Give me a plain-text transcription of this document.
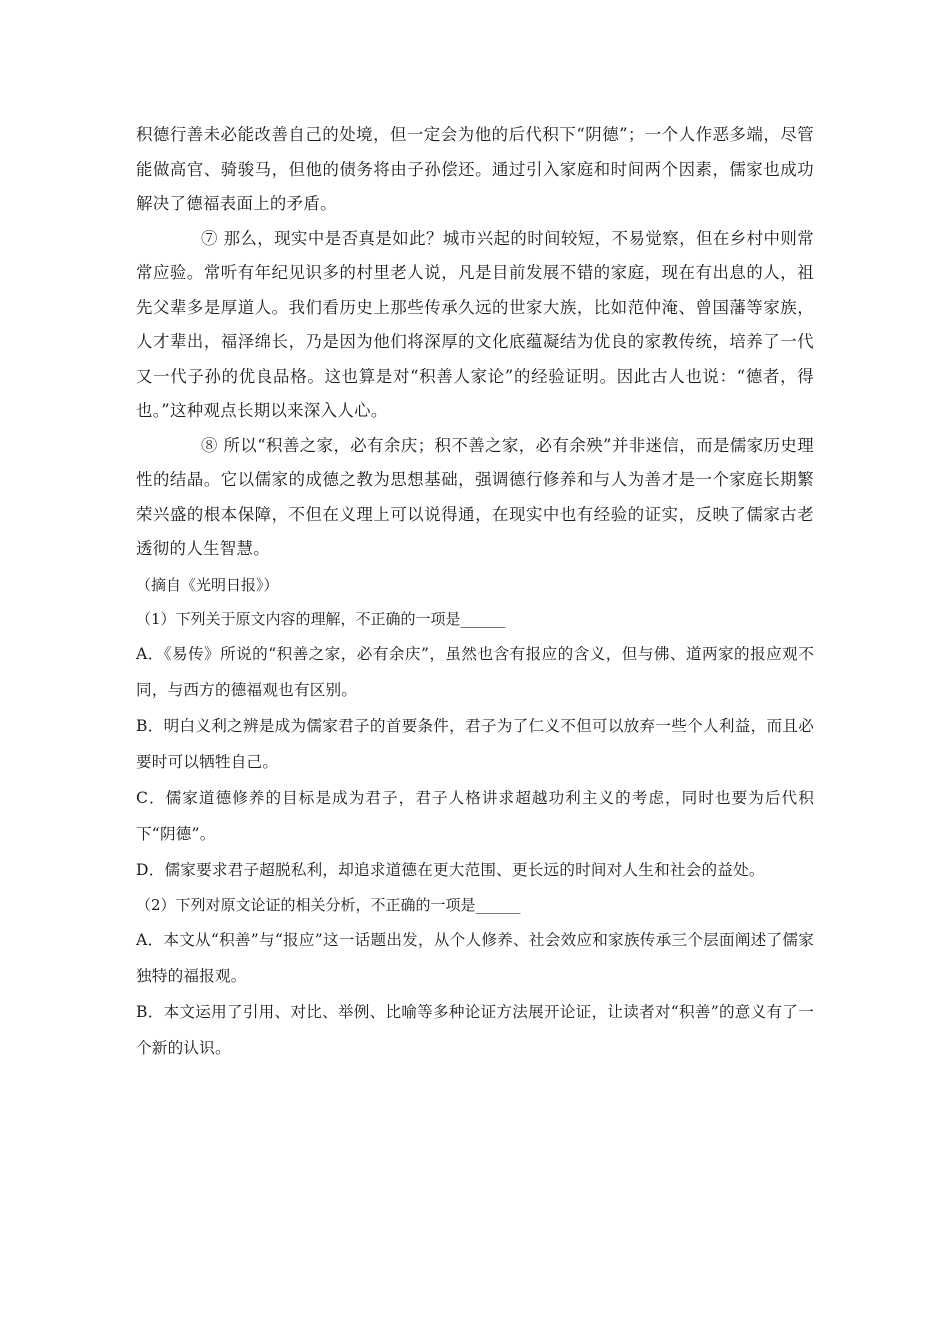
积德行善未必能改善自己的处境，但一定会为他的后代积下“阴德”；一个人作恶多端，尽管能做高官、骑骏马，但他的债务将由子孙偿还。通过引入家庭和时间两个因素，儒家也成功解决了德福表面上的矛盾。

⑦ 那么，现实中是否真是如此？城市兴起的时间较短，不易觉察，但在乡村中则常常应验。常听有年纪见识多的村里老人说，凡是目前发展不错的家庭，现在有出息的人，祖先父辈多是厚道人。我们看历史上那些传承久远的世家大族，比如范仲淹、曾国藩等家族，人才辈出，福泽绵长，乃是因为他们将深厚的文化底蕴凝结为优良的家教传统，培养了一代又一代子孙的优良品格。这也算是对“积善人家论”的经验证明。因此古人也说：“德者，得也。”这种观点长期以来深入人心。

⑧ 所以“积善之家，必有余庆；积不善之家，必有余殃”并非迷信，而是儒家历史理性的结晶。它以儒家的成德之教为思想基础，强调德行修养和与人为善才是一个家庭长期繁荣兴盛的根本保障，不但在义理上可以说得通，在现实中也有经验的证实，反映了儒家古老透彻的人生智慧。

（摘自《光明日报》）

（1）下列关于原文内容的理解，不正确的一项是______

A．《易传》所说的“积善之家，必有余庆”，虽然也含有报应的含义，但与佛、道两家的报应观不同，与西方的德福观也有区别。

B．明白义利之辨是成为儒家君子的首要条件，君子为了仁义不但可以放弃一些个人利益，而且必要时可以牺牲自己。

C．儒家道德修养的目标是成为君子，君子人格讲求超越功利主义的考虑，同时也要为后代积下“阴德”。

D．儒家要求君子超脱私利，却追求道德在更大范围、更长远的时间对人生和社会的益处。

（2）下列对原文论证的相关分析，不正确的一项是______

A．本文从“积善”与“报应”这一话题出发，从个人修养、社会效应和家族传承三个层面阐述了儒家独特的福报观。

B．本文运用了引用、对比、举例、比喻等多种论证方法展开论证，让读者对“积善”的意义有了一个新的认识。
